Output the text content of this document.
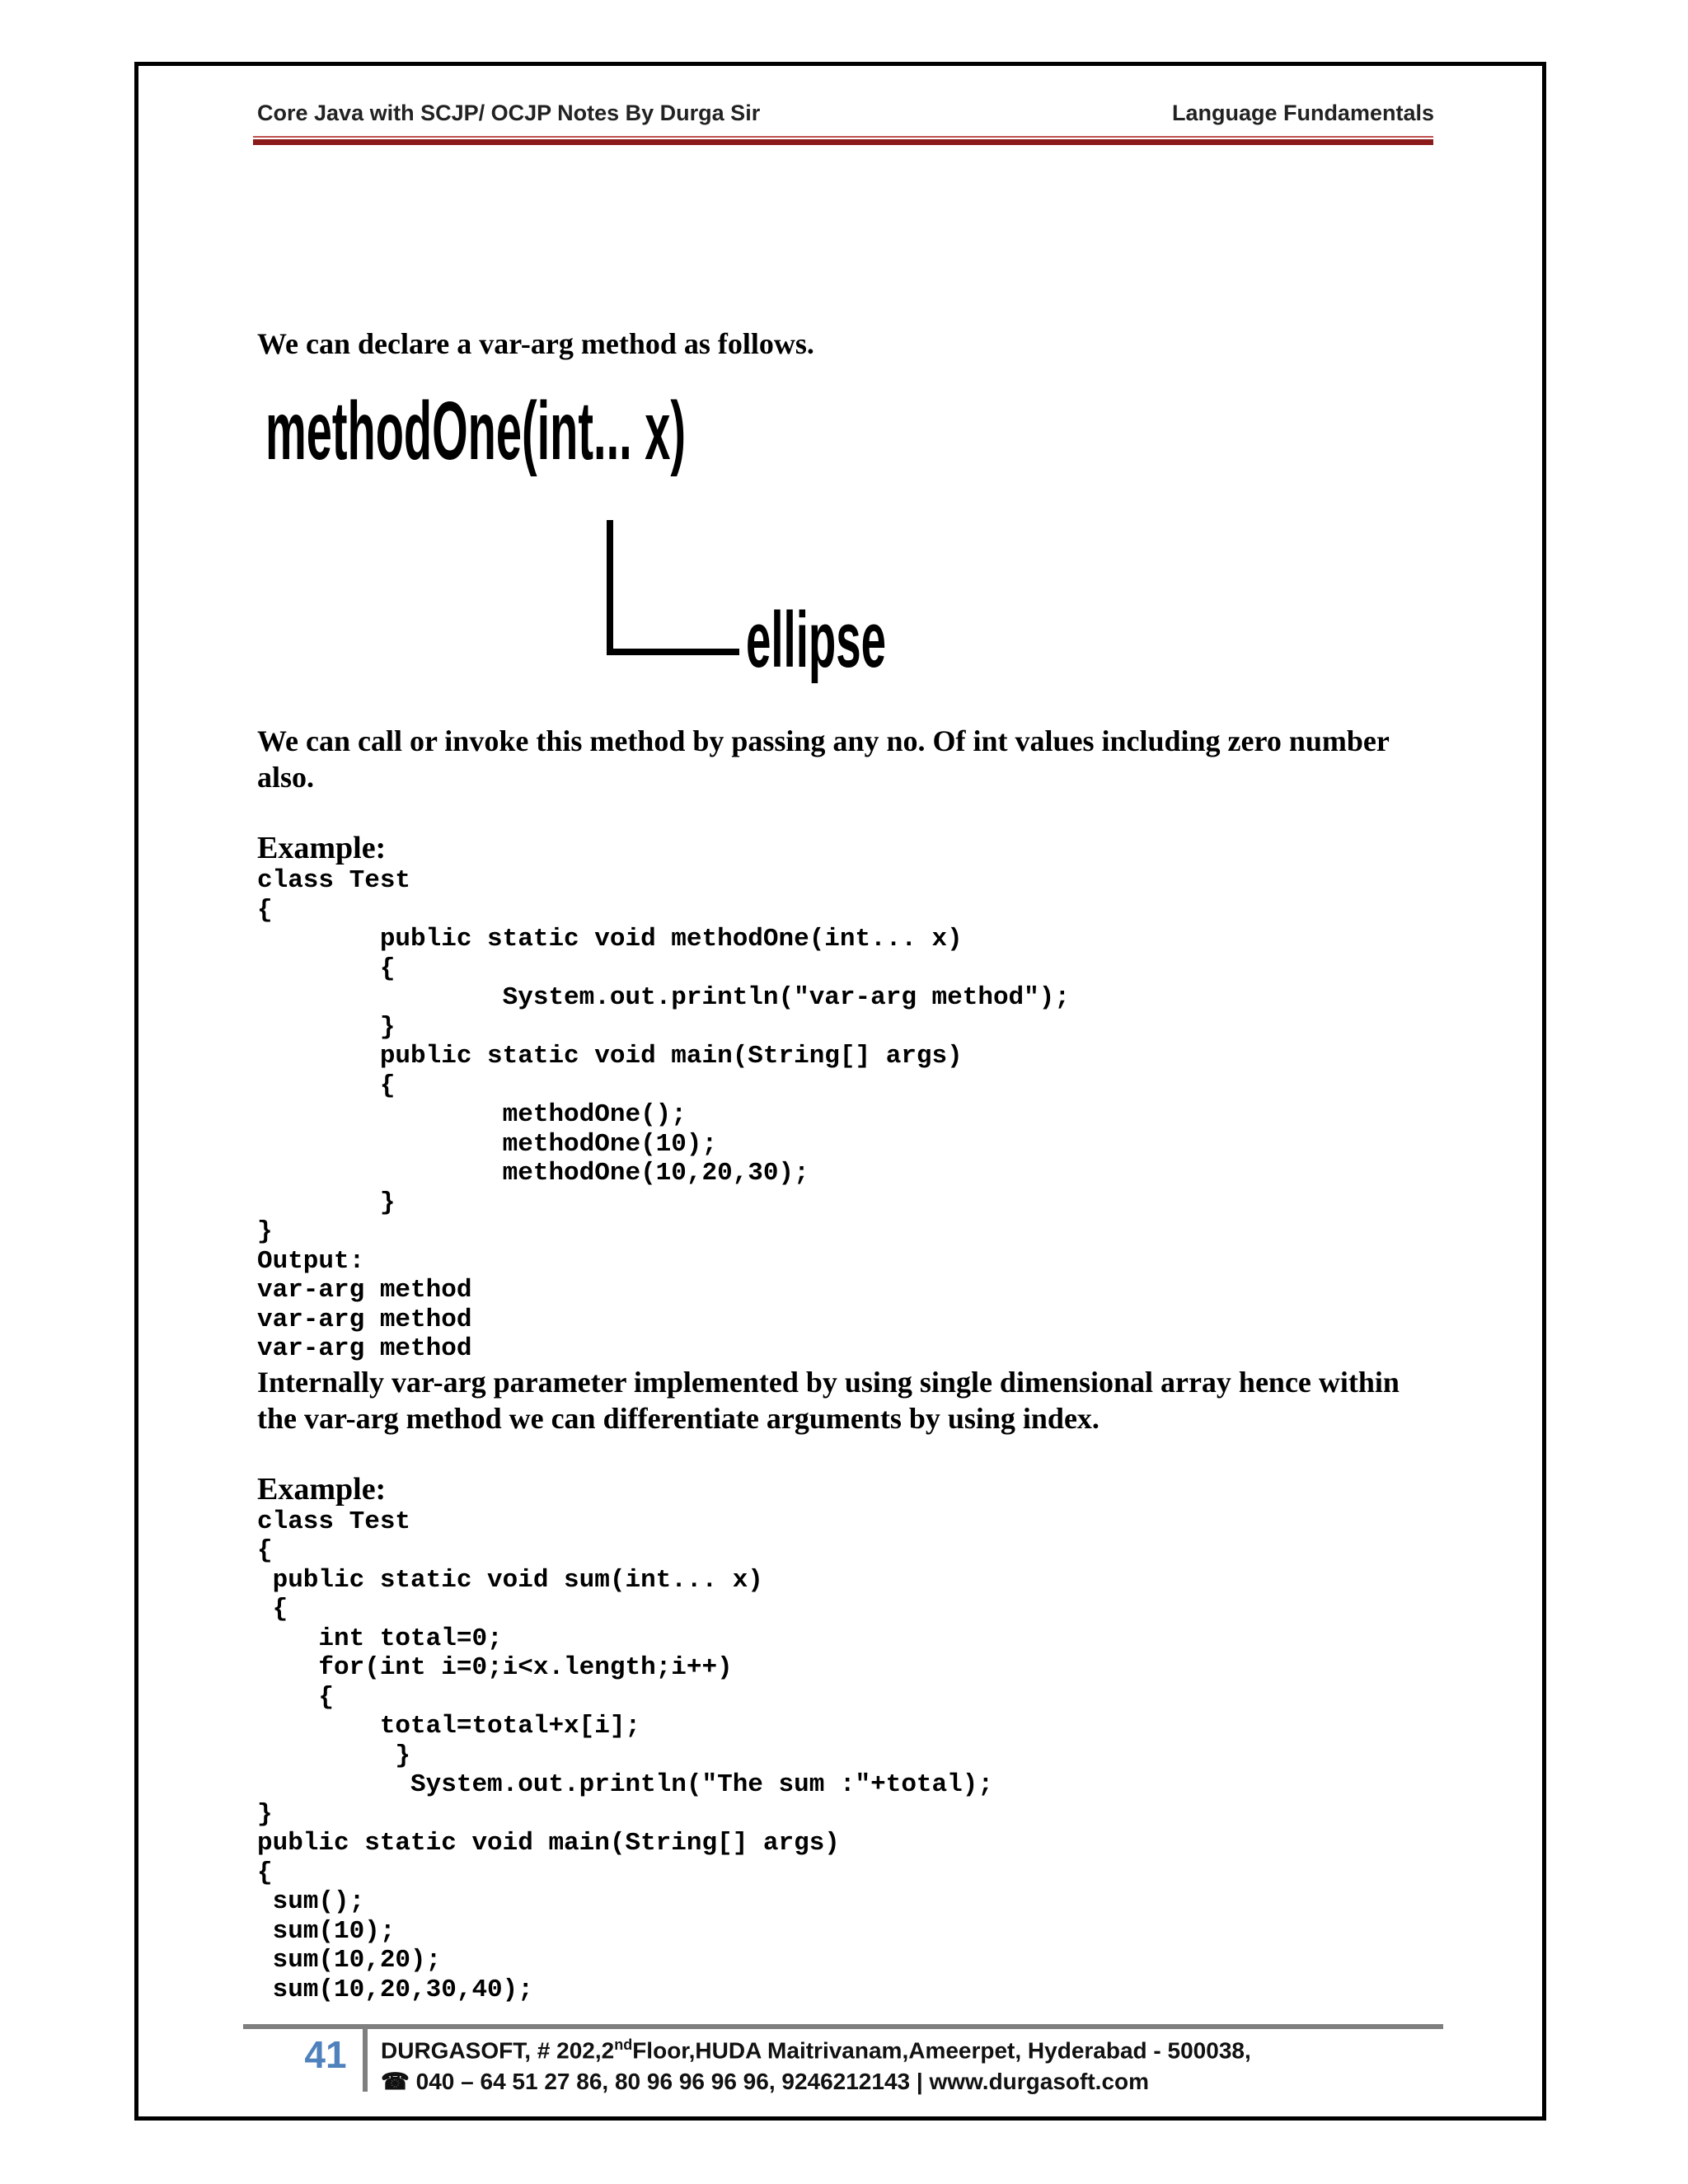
Core Java with SCJP/ OCJP Notes By Durga Sir	Language Fundamentals

We can declare a var-arg method as follows.

methodOne(int... x)
ellipse

We can call or invoke this method by passing any no. Of int values including zero number also.

Example:

class Test
{
public static void methodOne(int... x)
{
System.out.println("var-arg method");
}
public static void main(String[] args)
{
methodOne();
methodOne(10);
methodOne(10,20,30);
}
}
Output:
var-arg method
var-arg method
var-arg method

Internally var-arg parameter implemented by using single dimensional array hence within the var-arg method we can differentiate arguments by using index.

Example:

class Test
{
public static void sum(int... x)
{
int total=0;
for(int i=0;i<x.length;i++)
{
total=total+x[i];
}
System.out.println("The sum :"+total);
}
public static void main(String[] args)
{
sum();
sum(10);
sum(10,20);
sum(10,20,30,40);
41	DURGASOFT, # 202,2ndFloor,HUDA Maitrivanam,Ameerpet, Hyderabad - 500038,
☎ 040 – 64 51 27 86, 80 96 96 96 96, 9246212143 | www.durgasoft.com
